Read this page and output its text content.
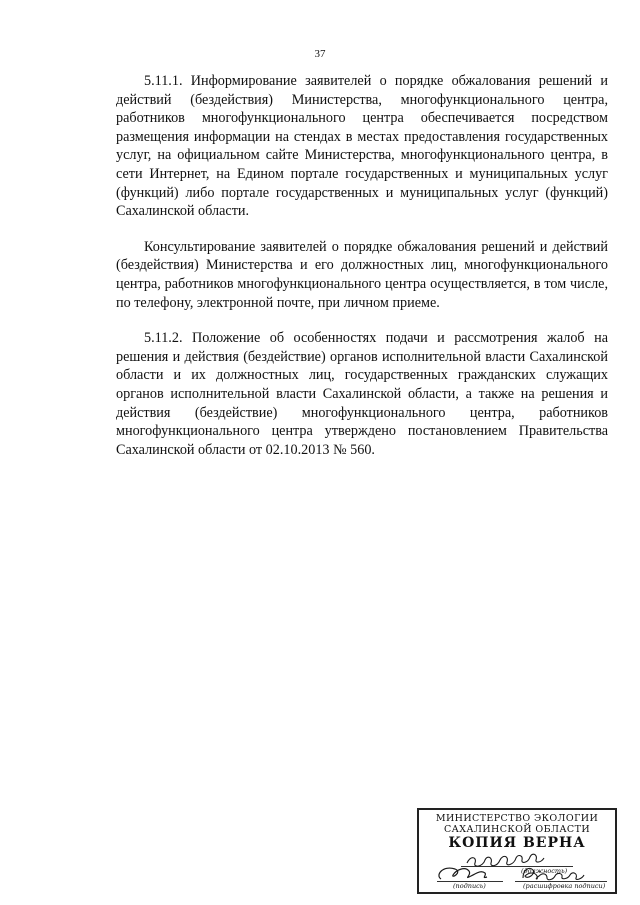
37

5.11.1. Информирование заявителей о порядке обжалования решений и действий (бездействия) Министерства, многофункционального центра, работников многофункционального центра обеспечивается посредством размещения информации на стендах в местах предоставления государственных услуг, на официальном сайте Министерства, многофункционального центра, в сети Интернет, на Едином портале государственных и муниципальных услуг (функций) либо портале государственных и муниципальных услуг (функций) Сахалинской области.

Консультирование заявителей о порядке обжалования решений и действий (бездействия) Министерства и его должностных лиц, многофункционального центра, работников многофункционального центра осуществляется, в том числе, по телефону, электронной почте, при личном приеме.

5.11.2. Положение об особенностях подачи и рассмотрения жалоб на решения и действия (бездействие) органов исполнительной власти Сахалинской области и их должностных лиц, государственных гражданских служащих органов исполнительной власти Сахалинской области, а также на решения и действия (бездействие) многофункционального центра, работников многофункционального центра утверждено постановлением Правительства Сахалинской области от 02.10.2013 № 560.

МИНИСТЕРСТВО ЭКОЛОГИИ
САХАЛИНСКОЙ ОБЛАСТИ
КОПИЯ ВЕРНА
(должность)
(подпись)	(расшифровка подписи)
